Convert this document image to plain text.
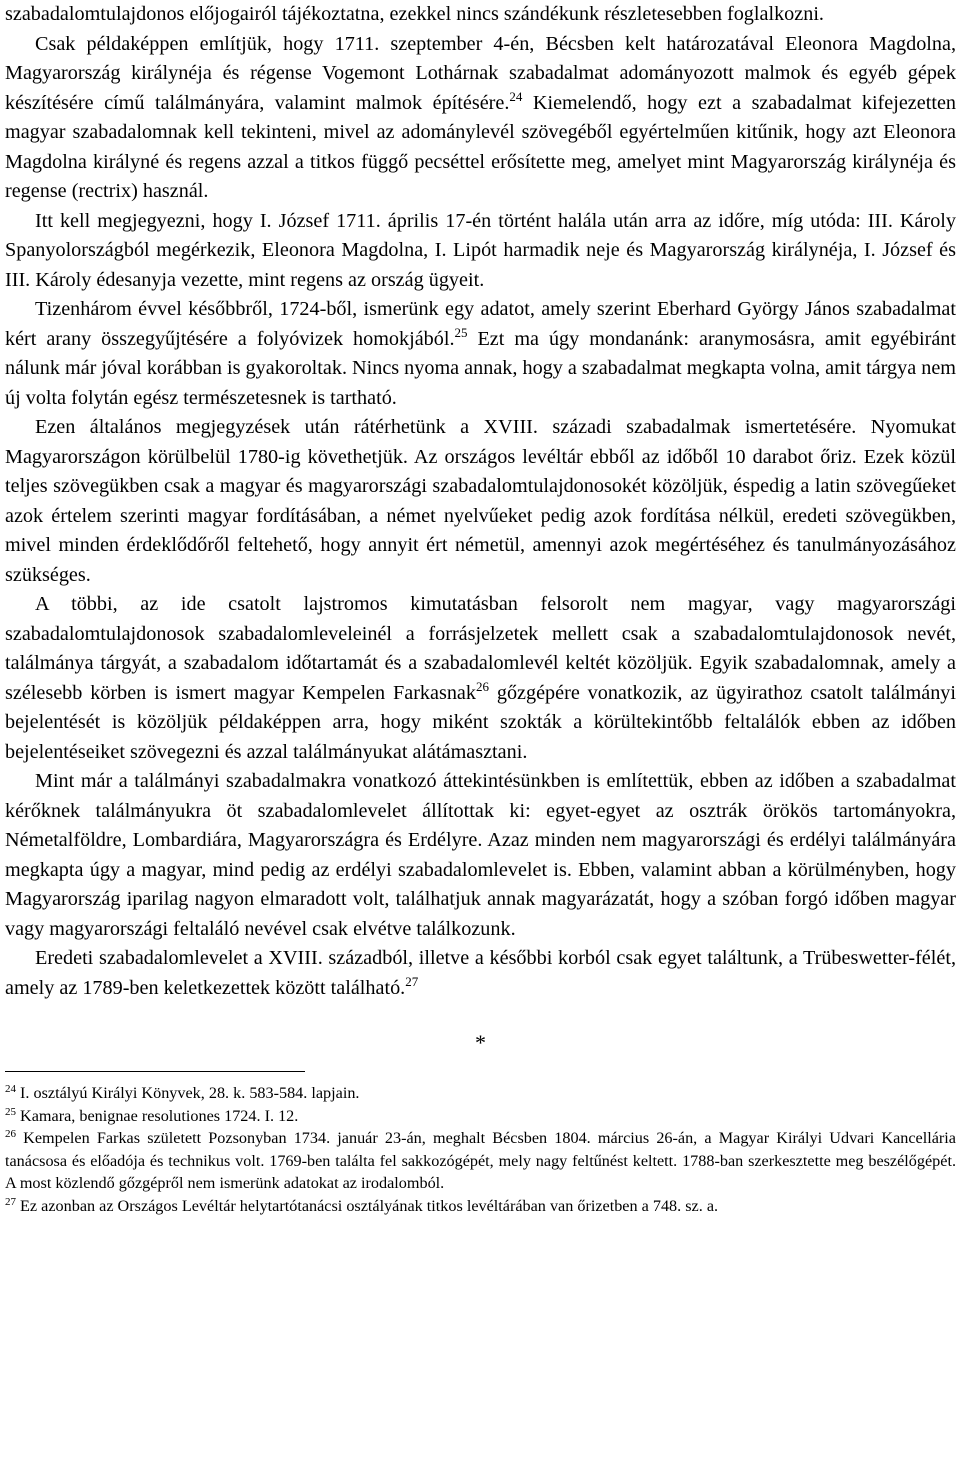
szabadalomtulajdonos előjogairól tájékoztatna, ezekkel nincs szándékunk részletesebben foglalkozni.

Csak példaképpen említjük, hogy 1711. szeptember 4-én, Bécsben kelt határozatával Eleonora Magdolna, Magyarország királynéja és régense Vogemont Lothárnak szabadalmat adományozott malmok és egyéb gépek készítésére című találmányára, valamint malmok építésére.$^{24}$ Kiemelendő, hogy ezt a szabadalmat kifejezetten magyar szabadalomnak kell tekinteni, mivel az adománylevél szövegéből egyértelműen kitűnik, hogy azt Eleonora Magdolna királyné és regens azzal a titkos függő pecséttel erősítette meg, amelyet mint Magyarország királynéja és regense (rectrix) használ.

Itt kell megjegyezni, hogy I. József 1711. április 17-én történt halála után arra az időre, míg utóda: III. Károly Spanyolországból megérkezik, Eleonora Magdolna, I. Lipót harmadik neje és Magyarország királynéja, I. József és III. Károly édesanyja vezette, mint regens az ország ügyeit.

Tizenhárom évvel későbbről, 1724-ből, ismerünk egy adatot, amely szerint Eberhard György János szabadalmat kért arany összegyűjtésére a folyóvizek homokjából.$^{25}$ Ezt ma úgy mondanánk: aranymosásra, amit egyébiránt nálunk már jóval korábban is gyakoroltak. Nincs nyoma annak, hogy a szabadalmat megkapta volna, amit tárgya nem új volta folytán egész természetesnek is tartható.

Ezen általános megjegyzések után rátérhetünk a XVIII. századi szabadalmak ismertetésére. Nyomukat Magyarországon körülbelül 1780-ig követhetjük. Az országos levéltár ebből az időből 10 darabot őriz. Ezek közül teljes szövegükben csak a magyar és magyarországi szabadalomtulajdonosokét közöljük, éspedig a latin szövegűeket azok értelem szerinti magyar fordításában, a német nyelvűeket pedig azok fordítása nélkül, eredeti szövegükben, mivel minden érdeklődőről feltehető, hogy annyit ért németül, amennyi azok megértéséhez és tanulmányozásához szükséges.

A többi, az ide csatolt lajstromos kimutatásban felsorolt nem magyar, vagy magyarországi szabadalomtulajdonosok szabadalomleveleinél a forrásjelzetek mellett csak a szabadalomtulajdonosok nevét, találmánya tárgyát, a szabadalom időtartamát és a szabadalomlevél keltét közöljük. Egyik szabadalomnak, amely a szélesebb körben is ismert magyar Kempelen Farkasnak$^{26}$ gőzgépére vonatkozik, az ügyirathoz csatolt találmányi bejelentését is közöljük példaképpen arra, hogy miként szokták a körültekintőbb feltalálók ebben az időben bejelentéseiket szövegezni és azzal találmányukat alátámasztani.

Mint már a találmányi szabadalmakra vonatkozó áttekintésünkben is említettük, ebben az időben a szabadalmat kérőknek találmányukra öt szabadalomlevelet állítottak ki: egyet-egyet az osztrák örökös tartományokra, Németalföldre, Lombardiára, Magyarországra és Erdélyre. Azaz minden nem magyarországi és erdélyi találmányára megkapta úgy a magyar, mind pedig az erdélyi szabadalomlevelet is. Ebben, valamint abban a körülményben, hogy Magyarország iparilag nagyon elmaradott volt, találhatjuk annak magyarázatát, hogy a szóban forgó időben magyar vagy magyarországi feltaláló nevével csak elvétve találkozunk.

Eredeti szabadalomlevelet a XVIII. századból, illetve a későbbi korból csak egyet találtunk, a Trübeswetter-félét, amely az 1789-ben keletkezettek között található.$^{27}$

*

$^{24}$ I. osztályú Királyi Könyvek, 28. k. 583-584. lapjain.

$^{25}$ Kamara, benignae resolutiones 1724. I. 12.

$^{26}$ Kempelen Farkas született Pozsonyban 1734. január 23-án, meghalt Bécsben 1804. március 26-án, a Magyar Királyi Udvari Kancellária tanácsosa és előadója és technikus volt. 1769-ben találta fel sakkozógépét, mely nagy feltűnést keltett. 1788-ban szerkesztette meg beszélőgépét. A most közlendő gőzgépről nem ismerünk adatokat az irodalomból.

$^{27}$ Ez azonban az Országos Levéltár helytartótanácsi osztályának titkos levéltárában van őrizetben a 748. sz. a.
